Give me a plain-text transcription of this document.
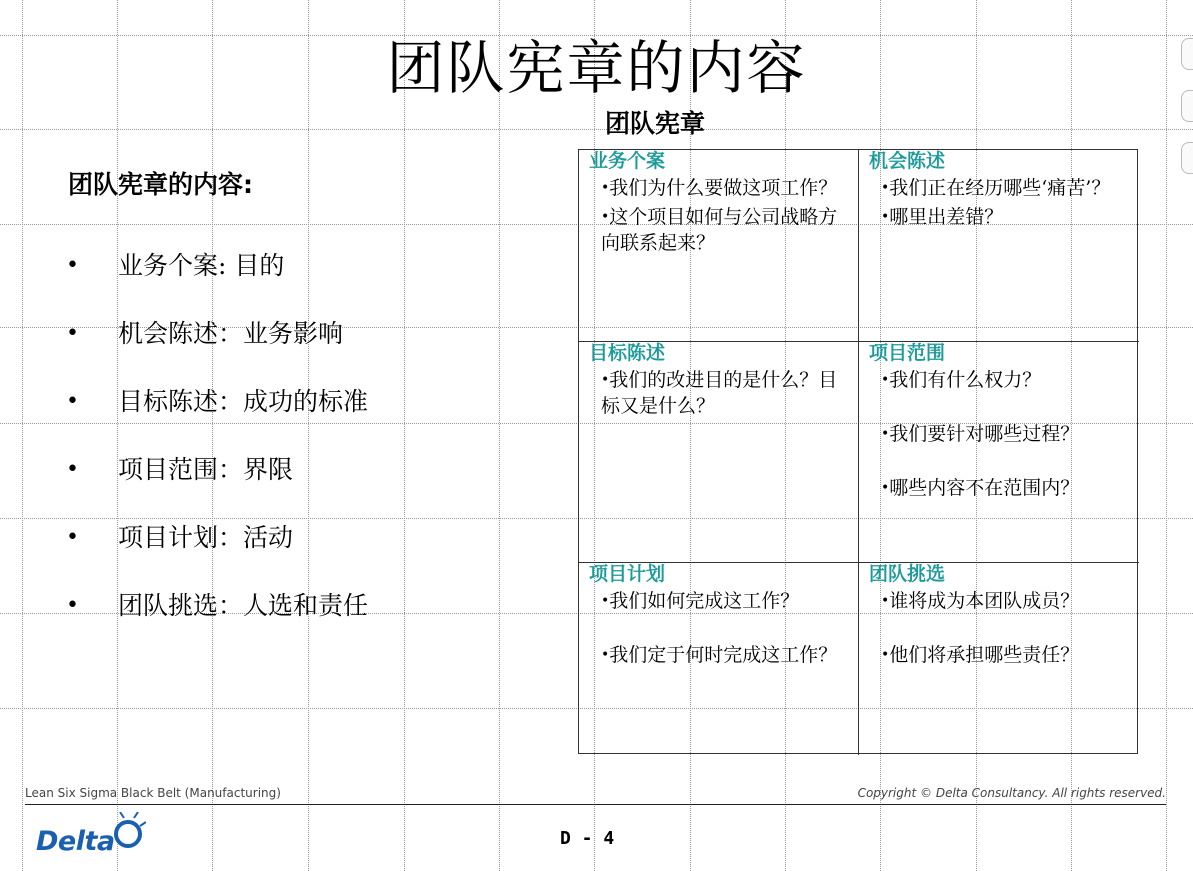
团队宪章的内容
团队宪章
团队宪章的内容:
•	业务个案: 目的
•	机会陈述：业务影响
•	目标陈述：成功的标准
•	项目范围：界限
•	项目计划：活动
•	团队挑选：人选和责任
业务个案
•我们为什么要做这项工作？
•这个项目如何与公司战略方向联系起来？
机会陈述
•我们正在经历哪些‘痛苦’？
•哪里出差错？
目标陈述
•我们的改进目的是什么？目标又是什么？
项目范围
•我们有什么权力？
•我们要针对哪些过程？
•哪些内容不在范围内？
项目计划
•我们如何完成这工作？
•我们定于何时完成这工作？
团队挑选
•谁将成为本团队成员？
•他们将承担哪些责任？
Lean Six Sigma Black Belt (Manufacturing)	Copyright © Delta Consultancy. All rights reserved.
D - 4
Delta
